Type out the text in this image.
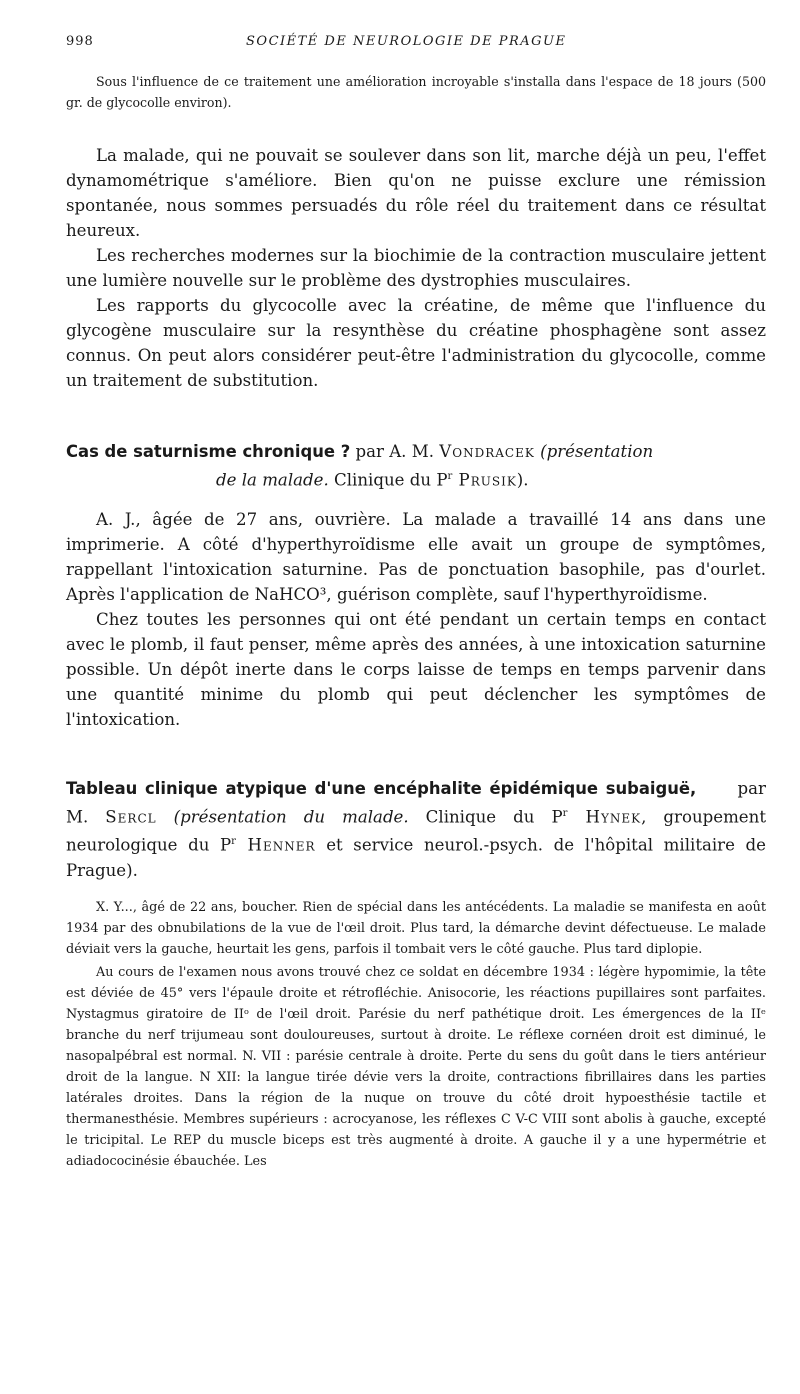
998	SOCIÉTÉ DE NEUROLOGIE DE PRAGUE

Sous l'influence de ce traitement une amélioration incroyable s'installa dans l'espace de 18 jours (500 gr. de glycocolle environ).

La malade, qui ne pouvait se soulever dans son lit, marche déjà un peu, l'effet dynamométrique s'améliore. Bien qu'on ne puisse exclure une rémission spontanée, nous sommes persuadés du rôle réel du traitement dans ce résultat heureux.

Les recherches modernes sur la biochimie de la contraction musculaire jettent une lumière nouvelle sur le problème des dystrophies musculaires.

Les rapports du glycocolle avec la créatine, de même que l'influence du glycogène musculaire sur la resynthèse du créatine phosphagène sont assez connus. On peut alors considérer peut-être l'administration du glycocolle, comme un traitement de substitution.

Cas de saturnisme chronique ? par A. M. Vondracek (présentation
de la malade. Clinique du $P^r$ Prusik).

A. J., âgée de 27 ans, ouvrière. La malade a travaillé 14 ans dans une imprimerie. A côté d'hyperthyroïdisme elle avait un groupe de symptômes, rappellant l'intoxication saturnine. Pas de ponctuation basophile, pas d'ourlet. Après l'application de NaHCO³, guérison complète, sauf l'hyperthyroïdisme.

Chez toutes les personnes qui ont été pendant un certain temps en contact avec le plomb, il faut penser, même après des années, à une intoxication saturnine possible. Un dépôt inerte dans le corps laisse de temps en temps parvenir dans une quantité minime du plomb qui peut déclencher les symptômes de l'intoxication.

Tableau clinique atypique d'une encéphalite épidémique subaiguë, par M. Sercl (présentation du malade. Clinique du $P^r$ Hynek, groupement neurologique du $P^r$ Henner et service neurol.-psych. de l'hôpital militaire de Prague).

X. Y..., âgé de 22 ans, boucher. Rien de spécial dans les antécédents. La maladie se manifesta en août 1934 par des obnubilations de la vue de l'œil droit. Plus tard, la démarche devint défectueuse. Le malade déviait vers la gauche, heurtait les gens, parfois il tombait vers le côté gauche. Plus tard diplopie.

Au cours de l'examen nous avons trouvé chez ce soldat en décembre 1934 : légère hypomimie, la tête est déviée de 45° vers l'épaule droite et rétrofléchie. Anisocorie, les réactions pupillaires sont parfaites. Nystagmus giratoire de IIᵒ de l'œil droit. Parésie du nerf pathétique droit. Les émergences de la IIᵉ branche du nerf trijumeau sont douloureuses, surtout à droite. Le réflexe cornéen droit est diminué, le nasopalpébral est normal. N. VII : parésie centrale à droite. Perte du sens du goût dans le tiers antérieur droit de la langue. N XII: la langue tirée dévie vers la droite, contractions fibrillaires dans les parties latérales droites. Dans la région de la nuque on trouve du côté droit hypoesthésie tactile et thermanesthésie. Membres supérieurs : acrocyanose, les réflexes C V-C VIII sont abolis à gauche, excepté le tricipital. Le REP du muscle biceps est très augmenté à droite. A gauche il y a une hypermétrie et adiadococinésie ébauchée. Les
